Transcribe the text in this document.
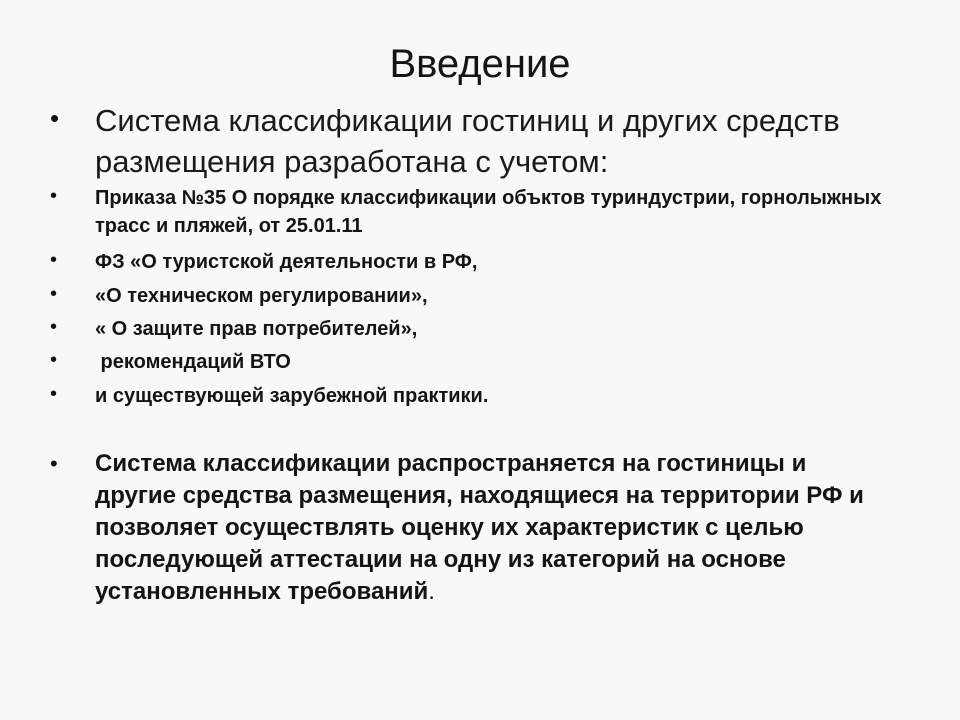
Введение
• Система классификации гостиниц и других средств размещения разработана с учетом:
• Приказа №35 О порядке классификации объктов туриндустрии, горнолыжных трасс и пляжей, от 25.01.11
• ФЗ «О туристской деятельности в РФ,
• «О техническом регулировании»,
• « О защите прав потребителей»,
• рекомендаций ВТО
• и существующей зарубежной практики.
• Система классификации распространяется на гостиницы и другие средства размещения, находящиеся на территории РФ и позволяет осуществлять оценку их характеристик с целью последующей аттестации на одну из категорий на основе установленных требований.
